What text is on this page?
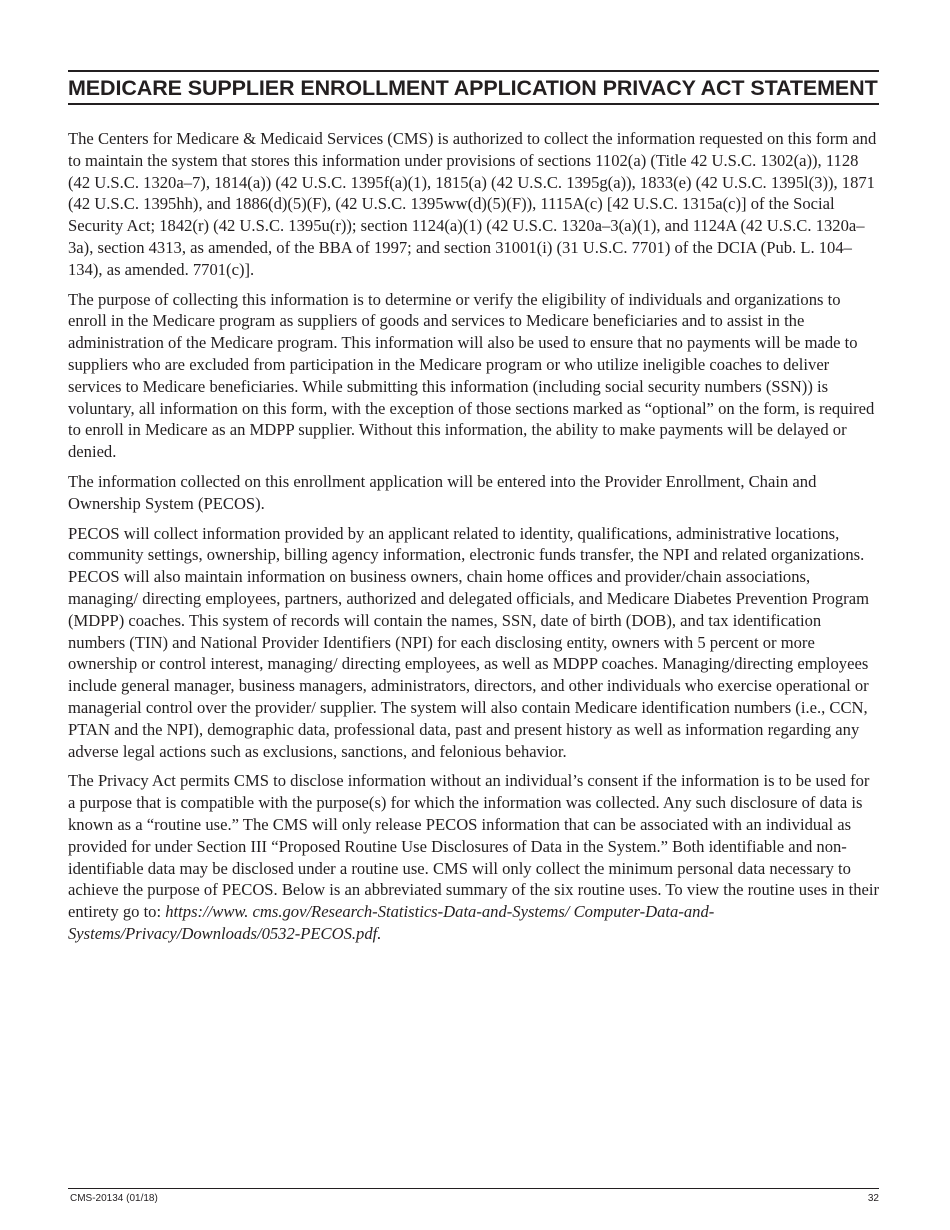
MEDICARE SUPPLIER ENROLLMENT APPLICATION PRIVACY ACT STATEMENT

The Centers for Medicare & Medicaid Services (CMS) is authorized to collect the information requested on this form and to maintain the system that stores this information under provisions of sections 1102(a) (Title 42 U.S.C. 1302(a)), 1128 (42 U.S.C. 1320a–7), 1814(a)) (42 U.S.C. 1395f(a)(1), 1815(a) (42 U.S.C. 1395g(a)), 1833(e) (42 U.S.C. 1395l(3)), 1871 (42 U.S.C. 1395hh), and 1886(d)(5)(F), (42 U.S.C. 1395ww(d)(5)(F)), 1115A(c) [42 U.S.C. 1315a(c)] of the Social Security Act; 1842(r) (42 U.S.C. 1395u(r)); section 1124(a)(1) (42 U.S.C. 1320a–3(a)(1), and 1124A (42 U.S.C. 1320a–3a), section 4313, as amended, of the BBA of 1997; and section 31001(i) (31 U.S.C. 7701) of the DCIA (Pub. L. 104–134), as amended. 7701(c)].

The purpose of collecting this information is to determine or verify the eligibility of individuals and organizations to enroll in the Medicare program as suppliers of goods and services to Medicare beneficiaries and to assist in the administration of the Medicare program. This information will also be used to ensure that no payments will be made to suppliers who are excluded from participation in the Medicare program or who utilize ineligible coaches to deliver services to Medicare beneficiaries. While submitting this information (including social security numbers (SSN)) is voluntary, all information on this form, with the exception of those sections marked as “optional” on the form, is required to enroll in Medicare as an MDPP supplier. Without this information, the ability to make payments will be delayed or denied.

The information collected on this enrollment application will be entered into the Provider Enrollment, Chain and Ownership System (PECOS).

PECOS will collect information provided by an applicant related to identity, qualifications, administrative locations, community settings, ownership, billing agency information, electronic funds transfer, the NPI and related organizations. PECOS will also maintain information on business owners, chain home offices and provider/chain associations, managing/ directing employees, partners, authorized and delegated officials, and Medicare Diabetes Prevention Program (MDPP) coaches. This system of records will contain the names, SSN, date of birth (DOB), and tax identification numbers (TIN) and National Provider Identifiers (NPI) for each disclosing entity, owners with 5 percent or more ownership or control interest, managing/ directing employees, as well as MDPP coaches. Managing/directing employees include general manager, business managers, administrators, directors, and other individuals who exercise operational or managerial control over the provider/ supplier. The system will also contain Medicare identification numbers (i.e., CCN, PTAN and the NPI), demographic data, professional data, past and present history as well as information regarding any adverse legal actions such as exclusions, sanctions, and felonious behavior.

The Privacy Act permits CMS to disclose information without an individual’s consent if the information is to be used for a purpose that is compatible with the purpose(s) for which the information was collected. Any such disclosure of data is known as a “routine use.” The CMS will only release PECOS information that can be associated with an individual as provided for under Section III “Proposed Routine Use Disclosures of Data in the System.” Both identifiable and non-identifiable data may be disclosed under a routine use. CMS will only collect the minimum personal data necessary to achieve the purpose of PECOS. Below is an abbreviated summary of the six routine uses. To view the routine uses in their entirety go to: https://www. cms.gov/Research-Statistics-Data-and-Systems/ Computer-Data-and-Systems/Privacy/Downloads/0532-PECOS.pdf.

CMS-20134 (01/18)	32
